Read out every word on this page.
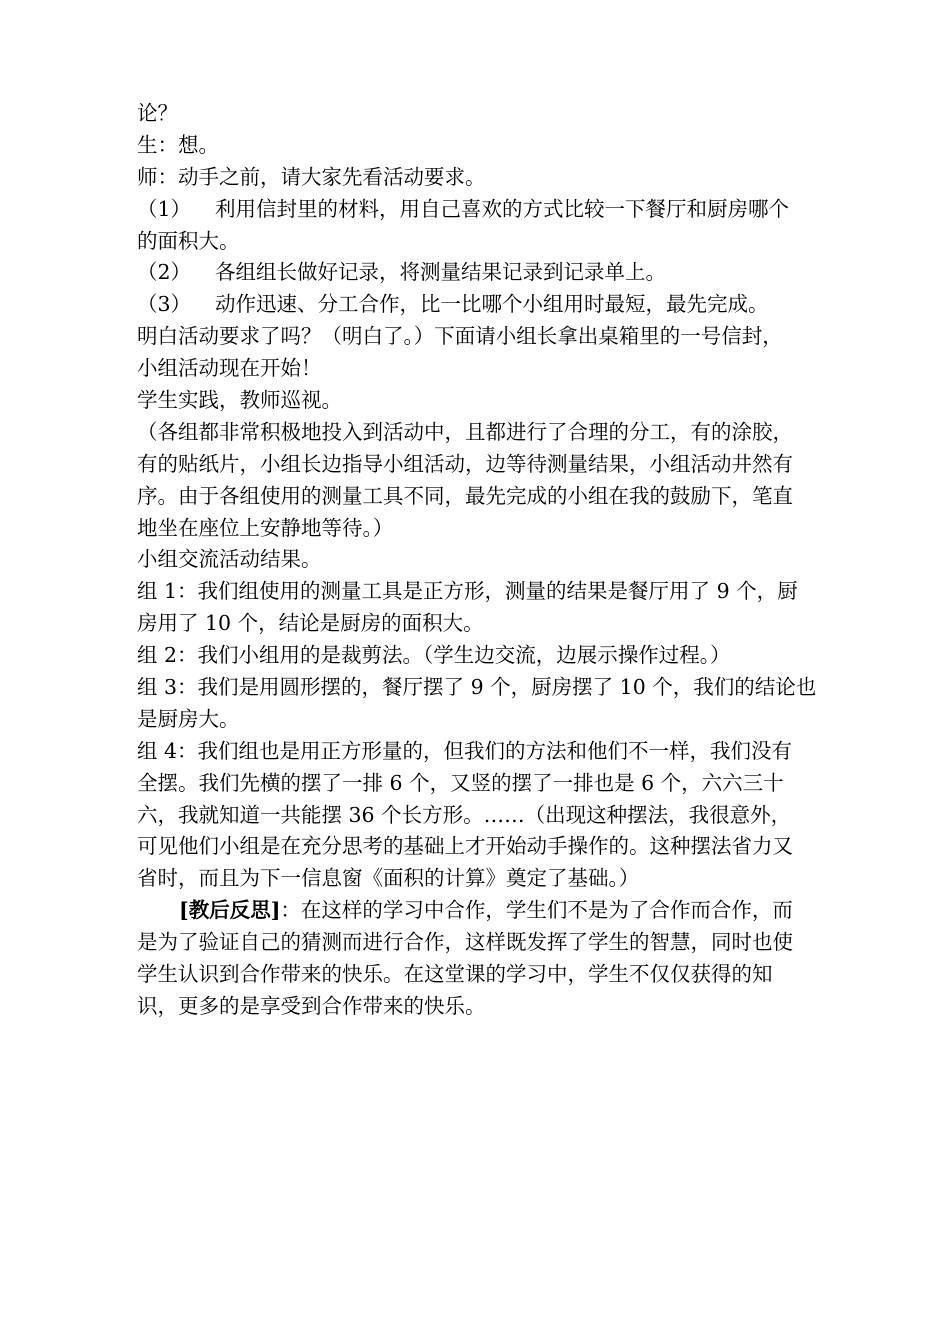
论？
生：想。
师：动手之前，请大家先看活动要求。
（1） 利用信封里的材料，用自己喜欢的方式比较一下餐厅和厨房哪个
的面积大。
（2） 各组组长做好记录，将测量结果记录到记录单上。
（3） 动作迅速、分工合作，比一比哪个小组用时最短，最先完成。
明白活动要求了吗？（明白了。）下面请小组长拿出桌箱里的一号信封，
小组活动现在开始！
学生实践，教师巡视。
（各组都非常积极地投入到活动中，且都进行了合理的分工，有的涂胶，
有的贴纸片，小组长边指导小组活动，边等待测量结果，小组活动井然有
序。由于各组使用的测量工具不同，最先完成的小组在我的鼓励下，笔直
地坐在座位上安静地等待。）
小组交流活动结果。
组 1：我们组使用的测量工具是正方形，测量的结果是餐厅用了 9 个，厨
房用了 10 个，结论是厨房的面积大。
组 2：我们小组用的是裁剪法。（学生边交流，边展示操作过程。）
组 3：我们是用圆形摆的，餐厅摆了 9 个，厨房摆了 10 个，我们的结论也
是厨房大。
组 4：我们组也是用正方形量的，但我们的方法和他们不一样，我们没有
全摆。我们先横的摆了一排 6 个，又竖的摆了一排也是 6 个，六六三十
六，我就知道一共能摆 36 个长方形。……（出现这种摆法，我很意外，
可见他们小组是在充分思考的基础上才开始动手操作的。这种摆法省力又
省时，而且为下一信息窗《面积的计算》奠定了基础。）
[教后反思]：在这样的学习中合作，学生们不是为了合作而合作，而
是为了验证自己的猜测而进行合作，这样既发挥了学生的智慧，同时也使
学生认识到合作带来的快乐。在这堂课的学习中，学生不仅仅获得的知
识，更多的是享受到合作带来的快乐。
